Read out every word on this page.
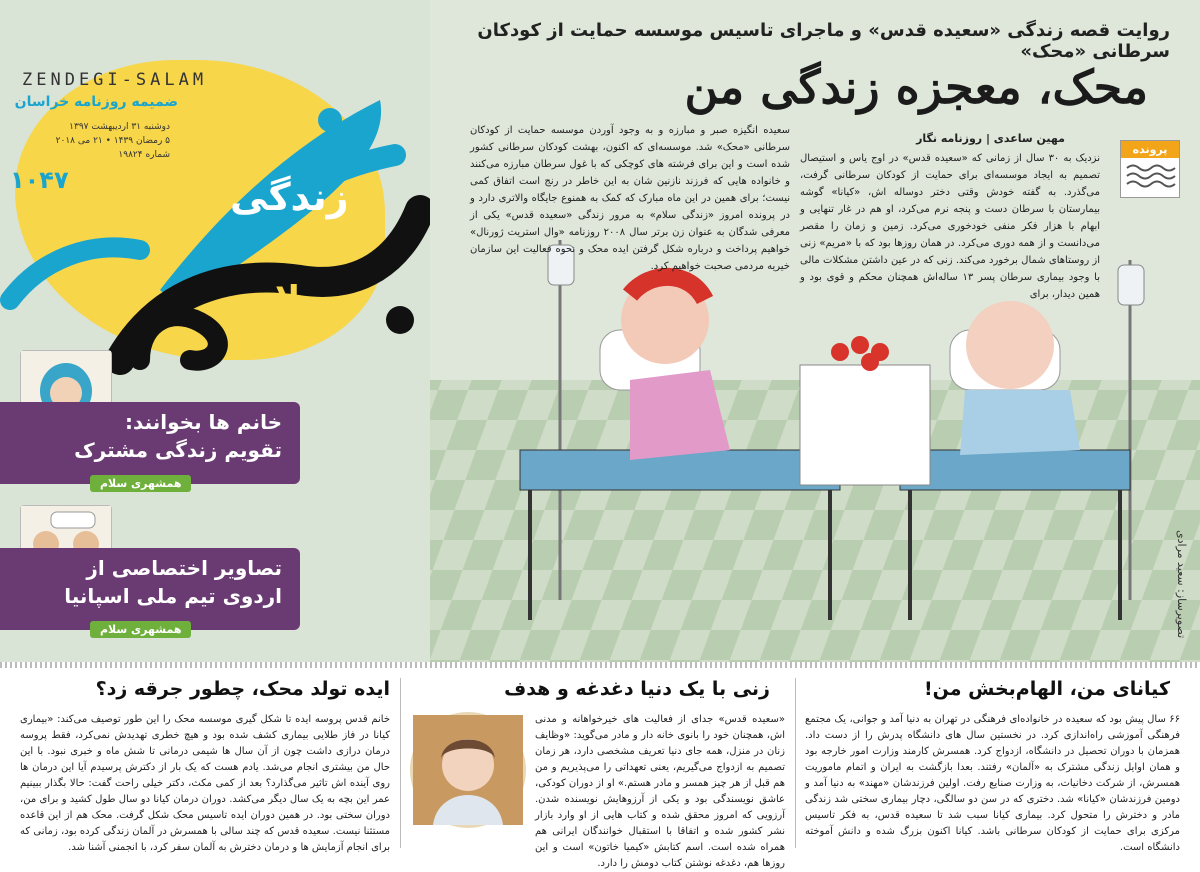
ZENDEGI-SALAM
ضمیمه روزنامه خراسان
دوشنبه ۳۱ اردیبهشت ۱۳۹۷
۵ رمضان ۱۴۳۹ • ۲۱ می ۲۰۱۸
شماره ۱۹۸۲۴
۱۰۴۷	زندگی
سلام
خانم ها بخوانند:
تقویم زندگی مشترک
همشهری سلام
تصاویر اختصاصی از
اردوی تیم ملی اسپانیا
همشهری سلام
روایت قصه زندگی «سعیده قدس» و ماجرای تاسیس موسسه حمایت از کودکان سرطانی «محک»
محک، معجزه زندگی من
مهین ساعدی | روزنامه نگار
پرونده
نزدیک به ۳۰ سال از زمانی که «سعیده قدس» در اوج یاس و استیصال تصمیم به ایجاد موسسه‌ای برای حمایت از کودکان سرطانی گرفت، می‌گذرد. به گفته خودش وقتی دختر دوساله اش، «کیانا» گوشه بیمارستان با سرطان دست و پنجه نرم می‌کرد، او هم در غار تنهایی و ابهام با هزار فکر منفی خودخوری می‌کرد. زمین و زمان را مقصر می‌دانست و از همه دوری می‌کرد. در همان روزها بود که با «مریم» زنی از روستاهای شمال برخورد می‌کند. زنی که در عین داشتن مشکلات مالی با وجود بیماری سرطان پسر ۱۳ ساله‌اش همچنان محکم و قوی بود و همین دیدار، برای
سعیده انگیزه صبر و مبارزه و به وجود آوردن موسسه حمایت از کودکان سرطانی «محک» شد. موسسه‌ای که اکنون، بهشت کودکان سرطانی کشور شده است و این برای فرشته های کوچکی که با غول سرطان مبارزه می‌کنند و خانواده هایی که فرزند نازنین شان به این خاطر در رنج است اتفاق کمی نیست؛ برای همین در این ماه مبارک که کمک به همنوع جایگاه والاتری دارد و در پرونده امروز «زندگی سلام» به مرور زندگی «سعیده قدس» یکی از معرفی شدگان به عنوان زن برتر سال ۲۰۰۸ روزنامه «وال استریت ژورنال» خواهیم پرداخت و درباره شکل گرفتن ایده محک و نحوه فعالیت این سازمان خیریه مردمی صحبت خواهیم کرد.
تصویرساز: سعید مرادی
کیانای من، الهام‌بخش من!
۶۶ سال پیش بود که سعیده در خانواده‌ای فرهنگی در تهران به دنیا آمد و جوانی، یک مجتمع فرهنگی آموزشی راه‌اندازی کرد. در نخستین سال های دانشگاه پدرش را از دست داد. همزمان با دوران تحصیل در دانشگاه، ازدواج کرد. همسرش کارمند وزارت امور خارجه بود و همان اوایل زندگی مشترک به «آلمان» رفتند. بعدا بازگشت به ایران و اتمام ماموریت همسرش، از شرکت دخانیات، به وزارت صنایع رفت. اولین فرزندشان «مهند» به دنیا آمد و دومین فرزندشان «کیانا» شد. دختری که در سن دو سالگی، دچار بیماری سختی شد زندگی مادر و دخترش را متحول کرد. بیماری کیانا سبب شد تا سعیده قدس، به فکر تاسیس مرکزی برای حمایت از کودکان سرطانی باشد. کیانا اکنون بزرگ شده و دانش آموخته دانشگاه است.
زنی با یک دنیا دغدغه و هدف
«سعیده قدس» جدای از فعالیت های خیرخواهانه و مدنی اش، همچنان خود را بانوی خانه دار و مادر می‌گوید: «وظایف زنان در منزل، همه جای دنیا تعریف مشخصی دارد، هر زمان تصمیم به ازدواج می‌گیریم، یعنی تعهداتی را می‌پذیریم و من هم قبل از هر چیز همسر و مادر هستم.» او از دوران کودکی، عاشق نویسندگی بود و یکی از آرزوهایش نویسنده شدن. آرزویی که امروز محقق شده و کتاب هایی از او وارد بازار نشر کشور شده و اتفاقا با استقبال خوانندگان ایرانی هم همراه شده است. اسم کتابش «کیمیا خاتون» است و این روزها هم، دغدغه نوشتن کتاب دومش را دارد.
ایده تولد محک، چطور جرقه زد؟
خانم قدس پروسه ایده تا شکل گیری موسسه محک را این طور توصیف می‌کند: «بیماری کیانا در فاز طلایی بیماری کشف شده بود و هیچ خطری تهدیدش نمی‌کرد، فقط پروسه درمان درازی داشت چون از آن سال ها شیمی درمانی تا شش ماه و خبری نبود. با این حال من بیشتری انجام می‌شد. یادم هست که یک بار از دکترش پرسیدم آیا این درمان ها روی آینده اش تاثیر می‌گذارد؟ بعد از کمی مکث، دکتر خیلی راحت گفت: حالا بگذار ببینیم عمر این بچه به یک سال دیگر می‌کشد. دوران درمان کیانا دو سال طول کشید و برای من، دوران سختی بود. در همین دوران ایده تاسیس محک شکل گرفت. محک هم از این قاعده مستثنا نیست. سعیده قدس که چند سالی با همسرش در آلمان زندگی کرده بود، زمانی که برای انجام آزمایش ها و درمان دخترش به آلمان سفر کرد، با انجمنی آشنا شد.
